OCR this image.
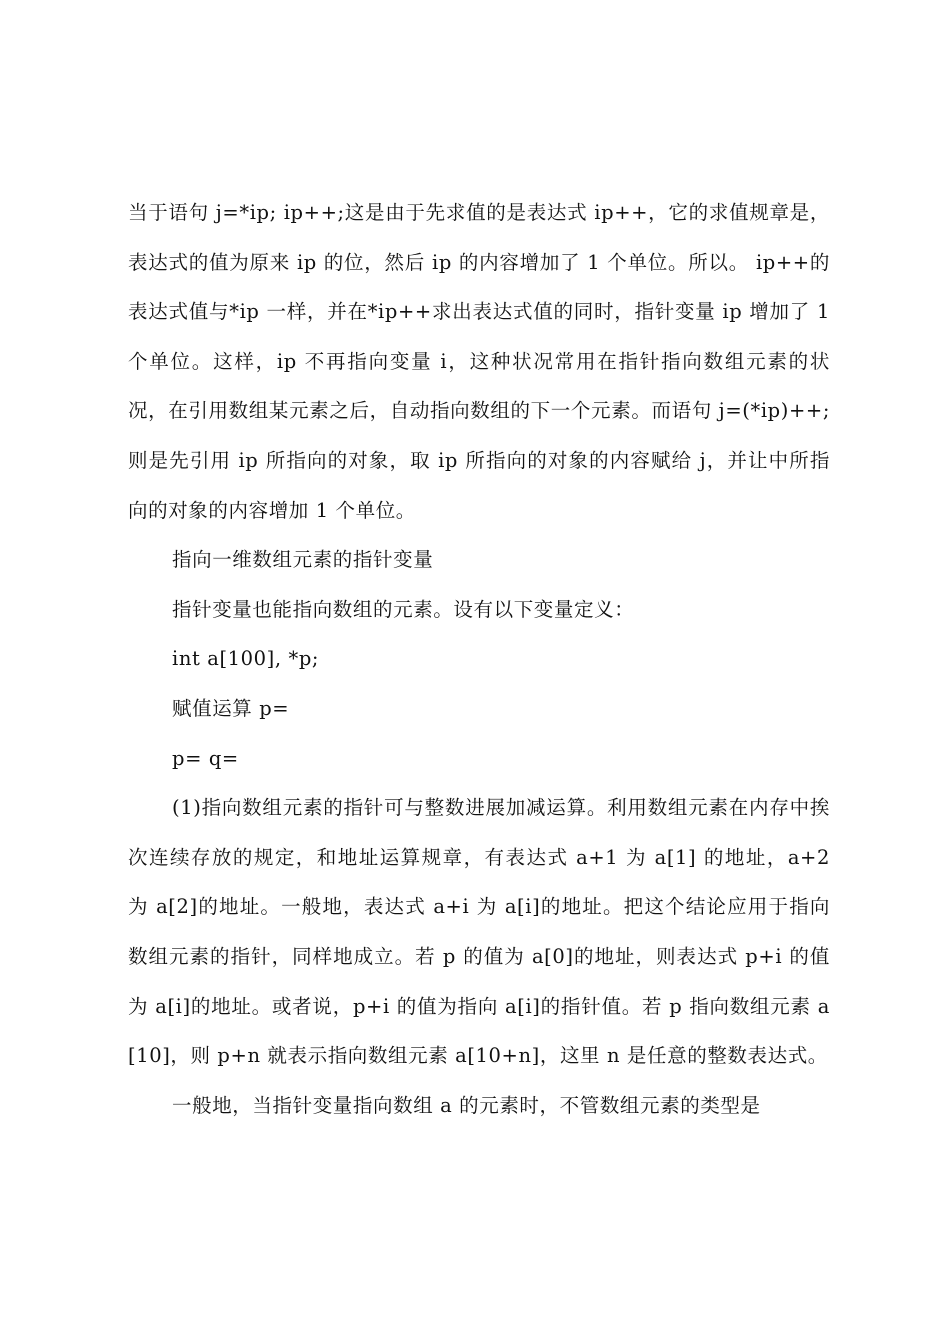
当于语句 j=*ip; ip++;这是由于先求值的是表达式 ip++，它的求值规章是，表达式的值为原来 ip 的位，然后 ip 的内容增加了 1 个单位。所以。 ip++的表达式值与*ip 一样，并在*ip++求出表达式值的同时，指针变量 ip 增加了 1 个单位。这样，ip 不再指向变量 i，这种状况常用在指针指向数组元素的状况，在引用数组某元素之后，自动指向数组的下一个元素。而语句 j=(*ip)++;则是先引用 ip 所指向的对象，取 ip 所指向的对象的内容赋给 j，并让中所指向的对象的内容增加 1 个单位。

指向一维数组元素的指针变量

指针变量也能指向数组的元素。设有以下变量定义：

int a[100], *p;

赋值运算 p=

p= q=

(1)指向数组元素的指针可与整数进展加减运算。利用数组元素在内存中挨次连续存放的规定，和地址运算规章，有表达式 a+1 为 a[1] 的地址，a+2 为 a[2]的地址。一般地，表达式 a+i 为 a[i]的地址。把这个结论应用于指向数组元素的指针，同样地成立。若 p 的值为 a[0]的地址，则表达式 p+i 的值为 a[i]的地址。或者说，p+i 的值为指向 a[i]的指针值。若 p 指向数组元素 a[10]，则 p+n 就表示指向数组元素 a[10+n]，这里 n 是任意的整数表达式。

一般地，当指针变量指向数组 a 的元素时，不管数组元素的类型是
